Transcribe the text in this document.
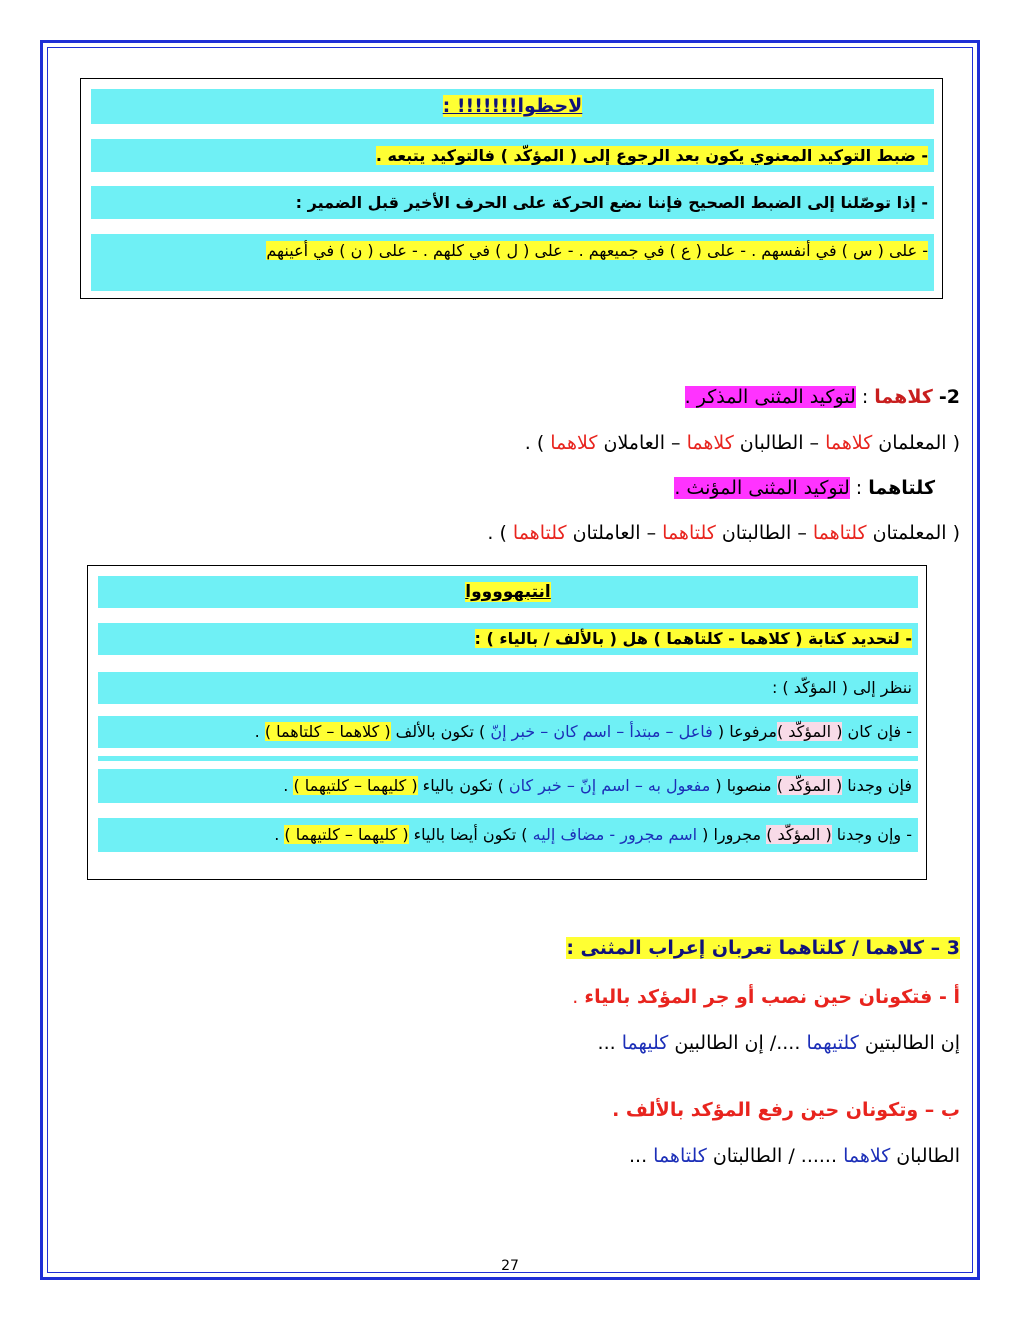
لاحظوا!!!!!!! :
- ضبط التوكيد المعنوي يكون بعد الرجوع إلى ( المؤكّد ) فالتوكيد يتبعه .
- إذا توصّلنا إلى الضبط الصحيح فإننا نضع الحركة على الحرف الأخير قبل الضمير :
- على ( س ) في أنفسهم . - على ( ع ) في جميعهم . - على ( ل ) في كلهم . - على ( ن ) في أعينهم
2- كلاهما : لتوكيد المثنى المذكر .
( المعلمان كلاهما – الطالبان كلاهما – العاملان كلاهما ) .
كلتاهما : لتوكيد المثنى المؤنث .
( المعلمتان كلتاهما – الطالبتان كلتاهما – العاملتان كلتاهما ) .
انتبهووووا
- لتحديد كتابة ( كلاهما - كلتاهما ) هل ( بالألف / بالياء ) :
ننظر إلى ( المؤكّد ) :
- فإن كان ( المؤكّد )مرفوعا ( فاعل – مبتدأ – اسم كان – خبر إنّ ) تكون بالألف ( كلاهما – كلتاهما ) .
فإن وجدنا ( المؤكّد ) منصوبا ( مفعول به – اسم إنّ – خبر كان ) تكون بالياء ( كليهما – كلتيهما ) .
- وإن وجدنا ( المؤكّد ) مجرورا ( اسم مجرور - مضاف إليه ) تكون أيضا بالياء ( كليهما – كلتيهما ) .
3 – كلاهما / كلتاهما تعربان إعراب المثنى :
أ - فتكونان حين نصب أو جر المؤكد بالياء .
إن الطالبتين كلتيهما ..../ إن الطالبين كليهما ...
ب – وتكونان حين رفع المؤكد بالألف .
الطالبان كلاهما ...... / الطالبتان كلتاهما ...
27
